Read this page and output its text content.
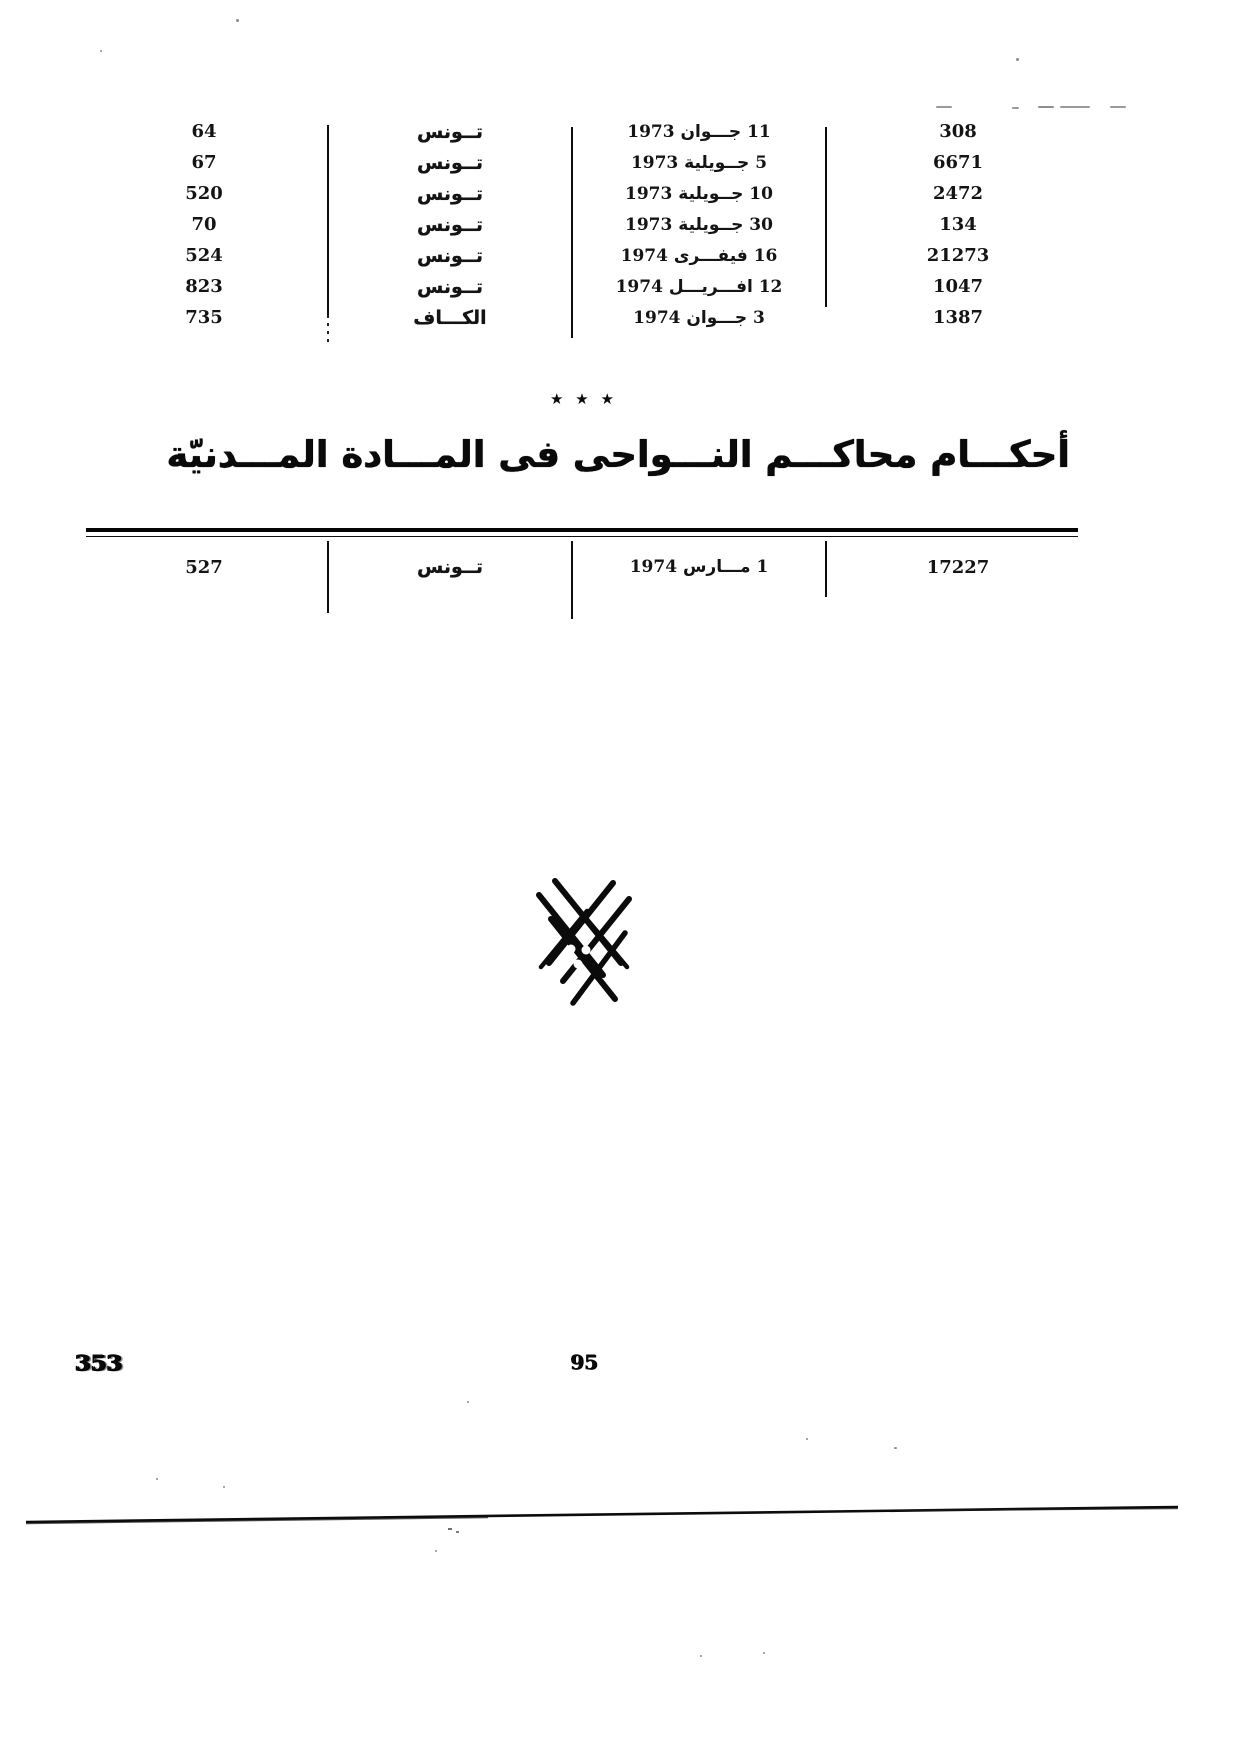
64	تــونس	11 جـــوان 1973	308
67	تــونس	5 جــويلية 1973	6671
520	تــونس	10 جــويلية 1973	2472
70	تــونس	30 جــويلية 1973	134
524	تــونس	16 فيفـــرى 1974	21273
823	تــونس	12 افـــريـــل 1974	1047
735	الكـــاف	3 جـــوان 1974	1387
★ ★ ★
أحكـــام محاكـــم النـــواحى فى المـــادة المـــدنيّة
527	تــونس	1 مـــارس 1974	17227
353	95
